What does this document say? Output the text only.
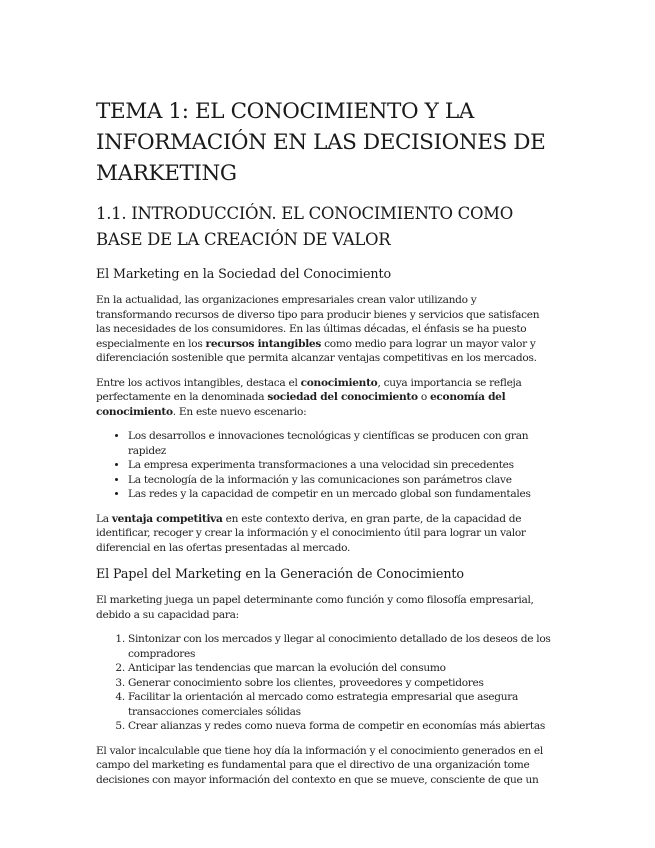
TEMA 1: EL CONOCIMIENTO Y LA INFORMACIÓN EN LAS DECISIONES DE MARKETING
1.1. INTRODUCCIÓN. EL CONOCIMIENTO COMO BASE DE LA CREACIÓN DE VALOR
El Marketing en la Sociedad del Conocimiento

En la actualidad, las organizaciones empresariales crean valor utilizando y transformando recursos de diverso tipo para producir bienes y servicios que satisfacen las necesidades de los consumidores. En las últimas décadas, el énfasis se ha puesto especialmente en los recursos intangibles como medio para lograr un mayor valor y diferenciación sostenible que permita alcanzar ventajas competitivas en los mercados.

Entre los activos intangibles, destaca el conocimiento, cuya importancia se refleja perfectamente en la denominada sociedad del conocimiento o economía del conocimiento. En este nuevo escenario:

• Los desarrollos e innovaciones tecnológicas y científicas se producen con gran rapidez
• La empresa experimenta transformaciones a una velocidad sin precedentes
• La tecnología de la información y las comunicaciones son parámetros clave
• Las redes y la capacidad de competir en un mercado global son fundamentales

La ventaja competitiva en este contexto deriva, en gran parte, de la capacidad de identificar, recoger y crear la información y el conocimiento útil para lograr un valor diferencial en las ofertas presentadas al mercado.

El Papel del Marketing en la Generación de Conocimiento

El marketing juega un papel determinante como función y como filosofía empresarial, debido a su capacidad para:

1. Sintonizar con los mercados y llegar al conocimiento detallado de los deseos de los compradores
2. Anticipar las tendencias que marcan la evolución del consumo
3. Generar conocimiento sobre los clientes, proveedores y competidores
4. Facilitar la orientación al mercado como estrategia empresarial que asegura transacciones comerciales sólidas
5. Crear alianzas y redes como nueva forma de competir en economías más abiertas

El valor incalculable que tiene hoy día la información y el conocimiento generados en el campo del marketing es fundamental para que el directivo de una organización tome decisiones con mayor información del contexto en que se mueve, consciente de que un
